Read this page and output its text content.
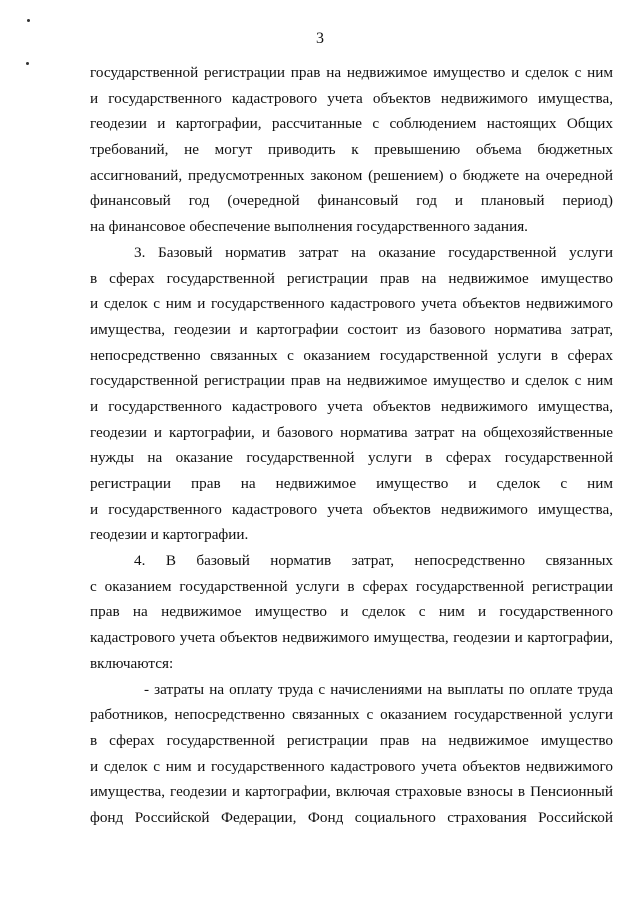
3
государственной регистрации прав на недвижимое имущество и сделок с ним
и государственного кадастрового учета объектов недвижимого имущества,
геодезии и картографии, рассчитанные с соблюдением настоящих Общих
требований, не могут приводить к превышению объема бюджетных
ассигнований, предусмотренных законом (решением) о бюджете на очередной
финансовый год (очередной финансовый год и плановый период)
на финансовое обеспечение выполнения государственного задания.
3. Базовый норматив затрат на оказание государственной услуги
в сферах государственной регистрации прав на недвижимое имущество
и сделок с ним и государственного кадастрового учета объектов недвижимого
имущества, геодезии и картографии состоит из базового норматива затрат,
непосредственно связанных с оказанием государственной услуги в сферах
государственной регистрации прав на недвижимое имущество и сделок с ним
и государственного кадастрового учета объектов недвижимого имущества,
геодезии и картографии, и базового норматива затрат на общехозяйственные
нужды на оказание государственной услуги в сферах государственной
регистрации прав на недвижимое имущество и сделок с ним
и государственного кадастрового учета объектов недвижимого имущества,
геодезии и картографии.
4. В базовый норматив затрат, непосредственно связанных
с оказанием государственной услуги в сферах государственной регистрации
прав на недвижимое имущество и сделок с ним и государственного
кадастрового учета объектов недвижимого имущества, геодезии и картографии,
включаются:
- затраты на оплату труда с начислениями на выплаты по оплате труда
работников, непосредственно связанных с оказанием государственной услуги
в сферах государственной регистрации прав на недвижимое имущество
и сделок с ним и государственного кадастрового учета объектов недвижимого
имущества, геодезии и картографии, включая страховые взносы в Пенсионный
фонд Российской Федерации, Фонд социального страхования Российской
